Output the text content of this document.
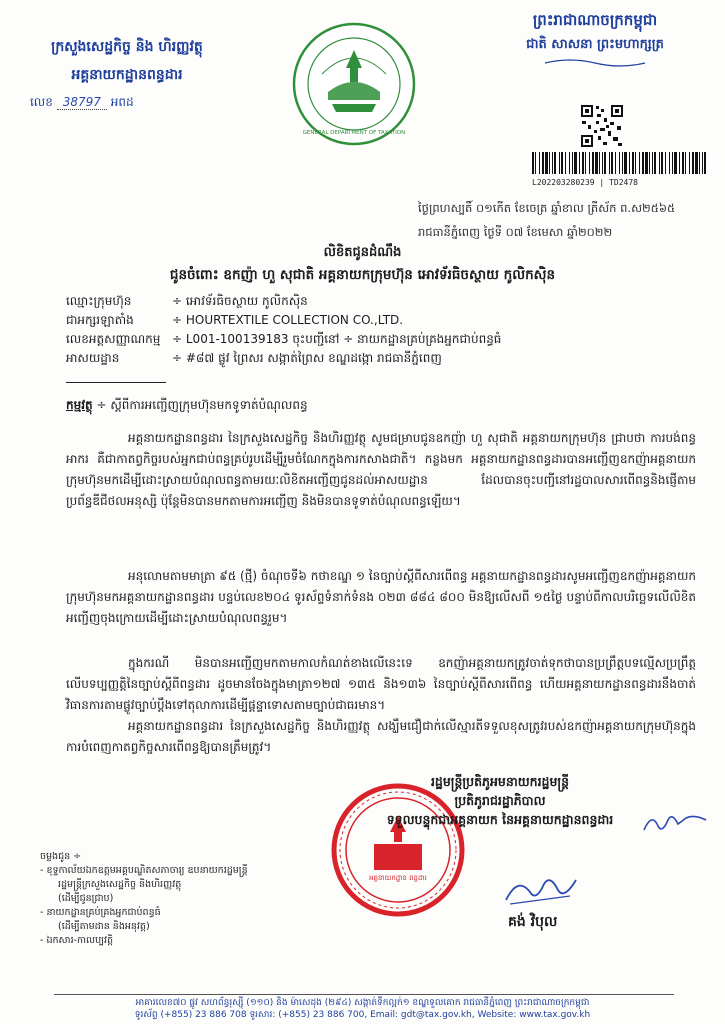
ក្រសួងសេដ្ឋកិច្ច និង ហិរញ្ញវត្ថុ
អគ្គនាយកដ្ឋានពន្ធដារ
លេខ 38797 អពដ
ព្រះរាជាណាចក្រកម្ពុជា
ជាតិ សាសនា ព្រះមហាក្សត្រ
GENERAL DEPARTMENT OF TAXATION
L202203280239 | TD2478
ថ្ងៃព្រហស្បតិ៍ ០១កើត ខែចេត្រ ឆ្នាំខាល ត្រីស័ក ព.ស២៥៦៥
រាជធានីភ្នំពេញ ថ្ងៃទី ០៧ ខែមេសា ឆ្នាំ២០២២
លិខិតជូនដំណឹង
ជូនចំពោះ ឧកញ៉ា ហួ សុជាតិ អគ្គនាយកក្រុមហ៊ុន អោវទ័រធិចស្ថាយ កូលិកស៊ិន
ឈ្មោះក្រុមហ៊ុន	÷ អោវទ័រធិចស្ថាយ កូលិកស៊ិន
ជាអក្សរឡាតាំង	÷ HOURTEXTILE COLLECTION CO.,LTD.
លេខអត្តសញ្ញាណកម្ម ÷ L001-100139183 ចុះបញ្ជីនៅ ÷ នាយកដ្ឋានគ្រប់គ្រងអ្នកជាប់ពន្ធធំ
អាសយដ្ឋាន	÷ #៨៧ ផ្លូវ ព្រៃសរ សង្កាត់ព្រៃស ខណ្ឌដង្កោ រាជធានីភ្នំពេញ
កម្មវត្ថុ ÷ ស្ដីពីការអញ្ជើញក្រុមហ៊ុនមកទូទាត់បំណុលពន្ធ

អគ្គនាយកដ្ឋានពន្ធដារ នៃក្រសួងសេដ្ឋកិច្ច និងហិរញ្ញវត្ថុ សូមជម្រាបជូនឧកញ៉ា ហួ សុជាតិ អគ្គនាយកក្រុមហ៊ុន ជ្រាបថា ការបង់ពន្ធអាករ គឺជាកាតព្វកិច្ចរបស់អ្នកជាប់ពន្ធគ្រប់រូបដើម្បីរួមចំណែកក្នុងការកសាងជាតិ។ កន្លងមក អគ្គនាយកដ្ឋានពន្ធដារបានអញ្ជើញឧកញ៉ាអគ្គនាយកក្រុមហ៊ុនមកដើម្បីដោះស្រាយបំណុលពន្ធតាមរយៈលិខិតអញ្ជើញជូនដល់អាសយដ្ឋាន ដែលបានចុះបញ្ជីនៅរដ្ឋបាលសារពើពន្ធនិងផ្ញើតាមប្រព័ន្ធឌីជីថលអនុស្សិ ប៉ុន្តែមិនបានមកតាមការអញ្ជើញ និងមិនបានទូទាត់បំណុលពន្ធឡើយ។

អនុលោមតាមមាត្រា ៩៥ (ថ្មី) ចំណុចទី៦ កថាខណ្ឌ ១ នៃច្បាប់ស្ដីពីសារពើពន្ធ អគ្គនាយកដ្ឋានពន្ធដារសូមអញ្ជើញឧកញ៉ាអគ្គនាយកក្រុមហ៊ុនមកអគ្គនាយកដ្ឋានពន្ធដារ បន្ទប់លេខ២០៤ ទូរស័ព្ទទំនាក់ទំនង ០២៣ ៨៨៤ ៨០០ មិនឱ្យលើសពី ១៥ថ្ងៃ បន្ទាប់ពីកាលបរិច្ឆេទលើលិខិតអញ្ជើញចុងក្រោយដើម្បីដោះស្រាយបំណុលពន្ធរួម។

ក្នុងករណី មិនបានអញ្ជើញមកតាមកាលកំណត់ខាងលើនេះទេ ឧកញ៉ាអគ្គនាយកត្រូវចាត់ទុកថាបានប្រព្រឹត្តបទល្មើសប្រព្រឹត្តលើបទប្បញ្ញត្តិនៃច្បាប់ស្ដីពីពន្ធដារ ដូចមានចែងក្នុងមាត្រា១២៧ ១៣៥ និង១៣៦ នៃច្បាប់ស្ដីពីសារពើពន្ធ ហើយអគ្គនាយកដ្ឋានពន្ធដារនឹងចាត់វិធានការតាមផ្លូវច្បាប់ប្ដឹងទៅតុលាការដើម្បីផ្ដន្ទាទោសតាមច្បាប់ជាធរមាន។

អគ្គនាយកដ្ឋានពន្ធដារ នៃក្រសួងសេដ្ឋកិច្ច និងហិរញ្ញវត្ថុ សង្ឃឹមជឿជាក់លើស្មារតីទទួលខុសត្រូវរបស់ឧកញ៉ាអគ្គនាយកក្រុមហ៊ុនក្នុងការបំពេញកាតព្វកិច្ចសារពើពន្ធឱ្យបានត្រឹមត្រូវ។

អគ្គនាយកដ្ឋាន ពន្ធដារ
រដ្ឋមន្ត្រីប្រតិភូអមនាយករដ្ឋមន្ត្រី
ប្រតិភូរាជរដ្ឋាភិបាល
ទទួលបន្ទុកជាអគ្គនាយក នៃអគ្គនាយកដ្ឋានពន្ធដារ
គង់ វិបុល
ចម្លងជូន ÷
- ខុទ្ទកាល័យឯកឧត្តមអគ្គបណ្ឌិតសភាចារ្យ ឧបនាយករដ្ឋមន្ត្រី
រដ្ឋមន្ត្រីក្រសួងសេដ្ឋកិច្ច និងហិរញ្ញវត្ថុ
(ដើម្បីជូនជ្រាប)
- នាយកដ្ឋានគ្រប់គ្រងអ្នកជាប់ពន្ធធំ
(ដើម្បីតាមដាន និងអនុវត្ត)
- ឯកសារ-កាលប្បវត្តិ
អាគារលេខ៧០ ផ្លូវ សហព័ន្ធរុស្ស៊ី (១១០) និង ម៉ាសេដុង (២៩៤) សង្កាត់ទឹកល្អក់១ ខណ្ឌទួលគោក រាជធានីភ្នំពេញ ព្រះរាជាណាចក្រកម្ពុជា
ទូរស័ព្ទ (+855) 23 886 708 ទូរសារ: (+855) 23 886 700, Email: gdt@tax.gov.kh, Website: www.tax.gov.kh
